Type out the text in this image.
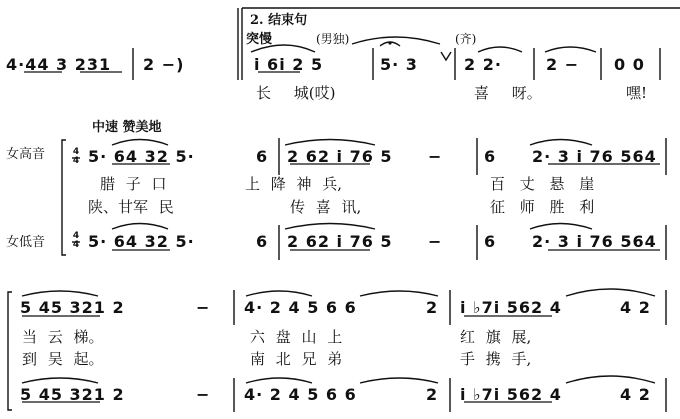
2. 结束句
突慢	(男独)	(齐)
4·44 3 231 2 −)	i 6i 2 5	5· 3	2 2·	2 − 0 0
长 城(哎)	喜 呀。	嘿!
中速 赞美地
女高音
女低音
4
4
4
4
5· 64 32 5·	6 2 62 i 76 5 −	6 2· 3 i 76 564
腊 子 口	上 降 神 兵,	百 丈 悬 崖
陕、甘军 民	传 喜 讯,	征 师 胜 利
5· 64 32 5·	6 2 62 i 76 5 −	6 2· 3 i 76 564
5 45 321 2	− 4· 2 4 5 6 6	2 i ♭7i 562 4	4 2
当 云 梯。	六 盘 山 上	红 旗 展,
到 吴 起。	南 北 兄 弟	手 携 手,
5 45 321 2	− 4· 2 4 5 6 6	2 i ♭7i 562 4	4 2
